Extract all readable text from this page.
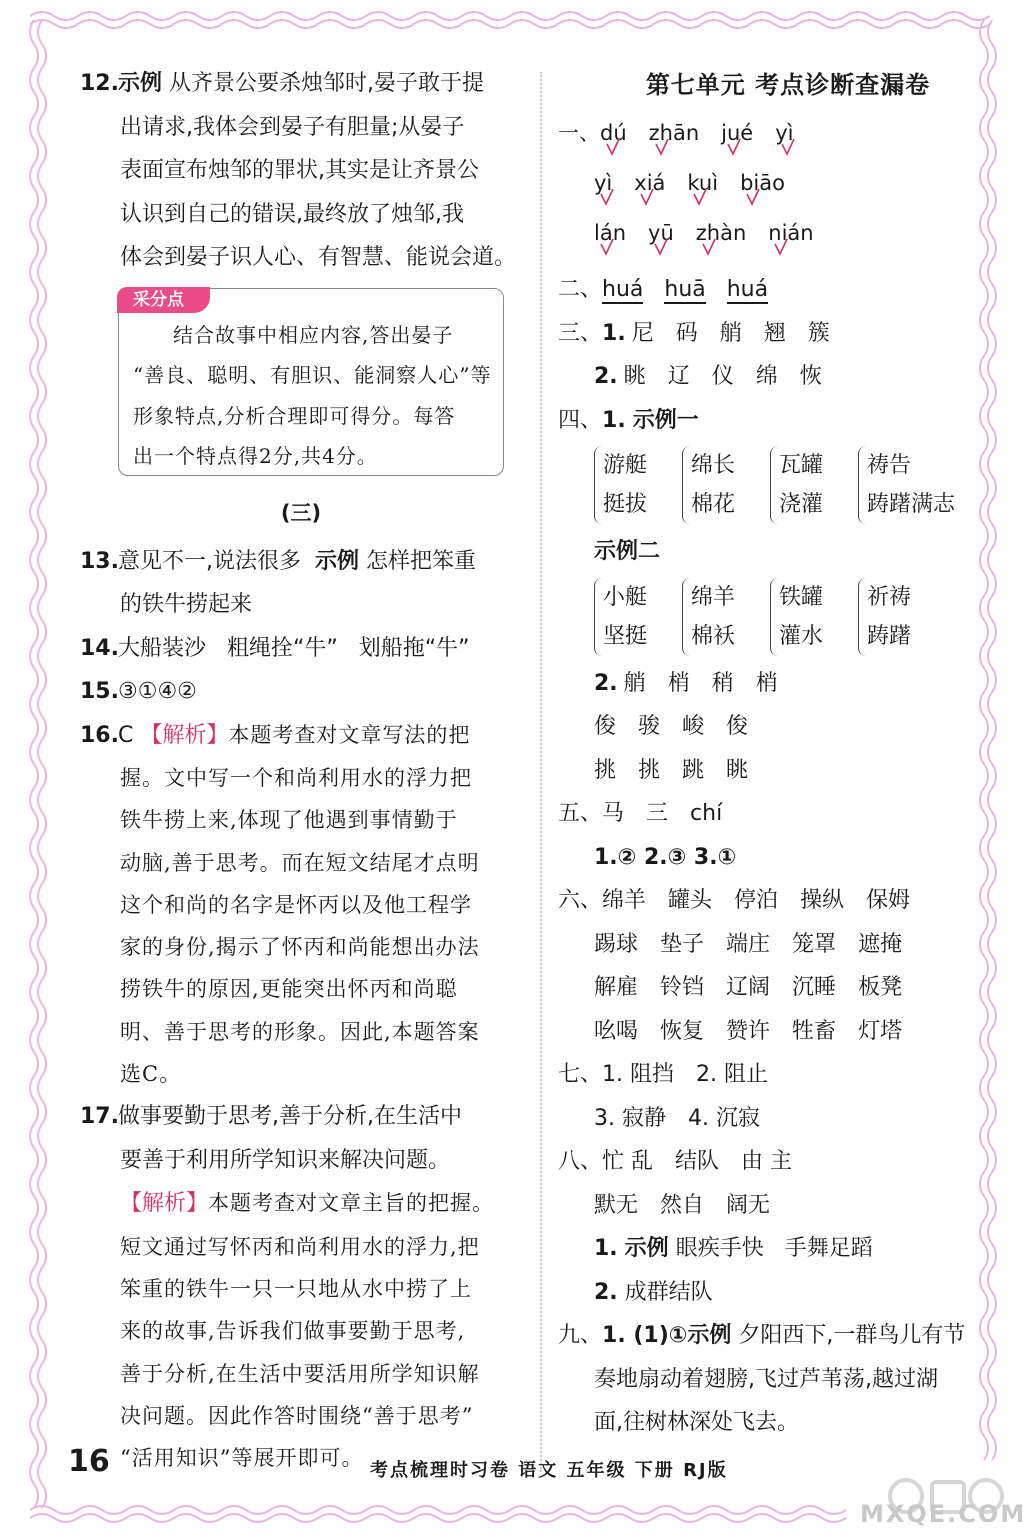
12.示例 从齐景公要杀烛邹时,晏子敢于提
出请求,我体会到晏子有胆量;从晏子
表面宣布烛邹的罪状,其实是让齐景公
认识到自己的错误,最终放了烛邹,我
体会到晏子识人心、有智慧、能说会道。
采分点
结合故事中相应内容,答出晏子
“善良、聪明、有胆识、能洞察人心”等
形象特点,分析合理即可得分。每答
出一个特点得2分,共4分。
(三)
13.意见不一,说法很多 示例 怎样把笨重
的铁牛捞起来
14.大船装沙 粗绳拴“牛” 划船拖“牛”
15.③①④②
16.C 【解析】本题考查对文章写法的把
握。文中写一个和尚利用水的浮力把
铁牛捞上来,体现了他遇到事情勤于
动脑,善于思考。而在短文结尾才点明
这个和尚的名字是怀丙以及他工程学
家的身份,揭示了怀丙和尚能想出办法
捞铁牛的原因,更能突出怀丙和尚聪
明、善于思考的形象。因此,本题答案
选C。
17.做事要勤于思考,善于分析,在生活中
要善于利用所学知识来解决问题。
【解析】本题考查对文章主旨的把握。
短文通过写怀丙和尚利用水的浮力,把
笨重的铁牛一只一只地从水中捞了上
来的故事,告诉我们做事要勤于思考,
善于分析,在生活中要活用所学知识解
决问题。因此作答时围绕“善于思考”
“活用知识”等展开即可。
第七单元 考点诊断查漏卷
一、dú zhān jué yì
yì xiá kuì biāo
lán yū zhàn nián
二、huá huā huá
三、1. 尼 码 艄 翘 簇
2. 眺 辽 仪 绵 恢
四、1. 示例一
游艇
挺拔
绵长
棉花
瓦罐
浇灌
祷告
踌躇满志
示例二
小艇
坚挺
绵羊
棉袄
铁罐
灌水
祈祷
踌躇
2. 艄 梢 稍 梢
俊 骏 峻 俊
挑 挑 跳 眺
五、马 三 chí
1.② 2.③ 3.①
六、绵羊 罐头 停泊 操纵 保姆
踢球 垫子 端庄 笼罩 遮掩
解雇 铃铛 辽阔 沉睡 板凳
吆喝 恢复 赞许 牲畜 灯塔
七、1. 阻挡 2. 阻止
3. 寂静 4. 沉寂
八、忙 乱 结队 由 主
默无 然自 阔无
1. 示例 眼疾手快 手舞足蹈
2. 成群结队
九、1. (1)①示例 夕阳西下,一群鸟儿有节
奏地扇动着翅膀,飞过芦苇荡,越过湖
面,往树林深处飞去。
16	考点梳理时习卷 语文 五年级 下册 RJ版
MXQE.COM
